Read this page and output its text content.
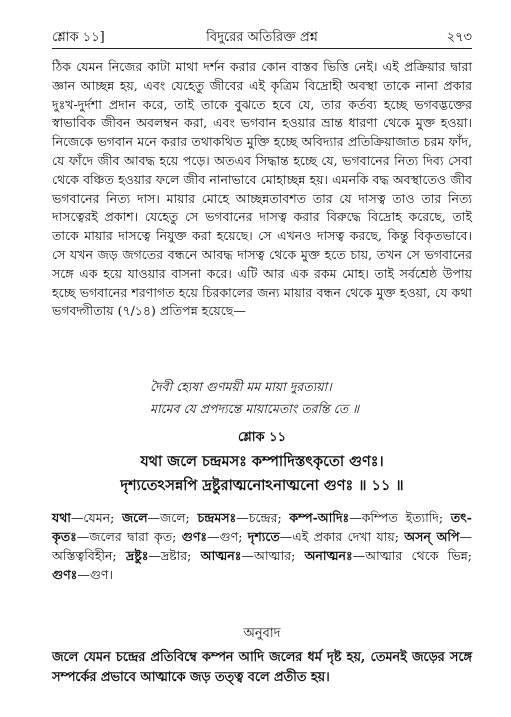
শ্লোক ১১]	বিদুরের অতিরিক্ত প্রশ্ন	২৭৩
ঠিক যেমন নিজের কাটা মাথা দর্শন করার কোন বাস্তব ভিত্তি নেই। এই প্রক্রিয়ার দ্বারা জ্ঞান আচ্ছন্ন হয়, এবং যেহেতু জীবের এই কৃত্রিম বিদ্রোহী অবস্থা তাকে নানা প্রকার দুঃখ-দুর্দশা প্রদান করে, তাই তাকে বুঝতে হবে যে, তার কর্তব্য হচ্ছে ভগবদ্ভক্তের স্বাভাবিক জীবন অবলম্বন করা, এবং ভগবান হওয়ার ভ্রান্ত ধারণা থেকে মুক্ত হওয়া। নিজেকে ভগবান মনে করার তথাকথিত মুক্তি হচ্ছে অবিদ্যার প্রতিক্রিয়াজাত চরম ফাঁদ, যে ফাঁদে জীব আবদ্ধ হয়ে পড়ে। অতএব সিদ্ধান্ত হচ্ছে যে, ভগবানের নিত্য দিব্য সেবা থেকে বঞ্চিত হওয়ার ফলে জীব নানাভাবে মোহাচ্ছন্ন হয়। এমনকি বদ্ধ অবস্থাতেও জীব ভগবানের নিত্য দাস। মায়ার মোহে আচ্ছন্নতাবশত তার যে দাসত্ব তাও তার নিত্য দাসত্বেরই প্রকাশ। যেহেতু সে ভগবানের দাসত্ব করার বিরুদ্ধে বিদ্রোহ করেছে, তাই তাকে মায়ার দাসত্বে নিযুক্ত করা হয়েছে। সে এখনও দাসত্ব করছে, কিন্তু বিকৃতভাবে। সে যখন জড় জগতের বন্ধনে আবদ্ধ দাসত্ব থেকে মুক্ত হতে চায়, তখন সে ভগবানের সঙ্গে এক হয়ে যাওয়ার বাসনা করে। এটি আর এক রকম মোহ। তাই সর্বশ্রেষ্ঠ উপায় হচ্ছে ভগবানের শরণাগত হয়ে চিরকালের জন্য মায়ার বন্ধন থেকে মুক্ত হওয়া, যে কথা ভগবদ্গীতায় (৭/১৪) প্রতিপন্ন হয়েছে—
দৈবী হ্যেষা গুণময়ী মম মায়া দুরত্যয়া।
মামেব যে প্রপদ্যন্তে মায়ামেতাং তরন্তি তে ॥
শ্লোক ১১
যথা জলে চন্দ্রমসঃ কম্পাদিস্তৎকৃতো গুণঃ।
দৃশ্যতেঽসন্নপি দ্রষ্টুরাত্মনোঽনাত্মনো গুণঃ ॥ ১১ ॥
যথা—যেমন; জলে—জলে; চন্দ্রমসঃ—চন্দ্রের; কম্প-আদিঃ—কম্পিত ইত্যাদি; তৎ-কৃতঃ—জলের দ্বারা কৃত; গুণঃ—গুণ; দৃশ্যতে—এই প্রকার দেখা যায়; অসন্ অপি—অস্তিত্ববিহীন; দ্রষ্টুঃ—দ্রষ্টার; আত্মনঃ—আত্মার; অনাত্মনঃ—আত্মার থেকে ভিন্ন; গুণঃ—গুণ।
অনুবাদ
জলে যেমন চন্দ্রের প্রতিবিম্বে কম্পন আদি জলের ধর্ম দৃষ্ট হয়, তেমনই জড়ের সঙ্গে সম্পর্কের প্রভাবে আত্মাকে জড় তত্ত্ব বলে প্রতীত হয়।
